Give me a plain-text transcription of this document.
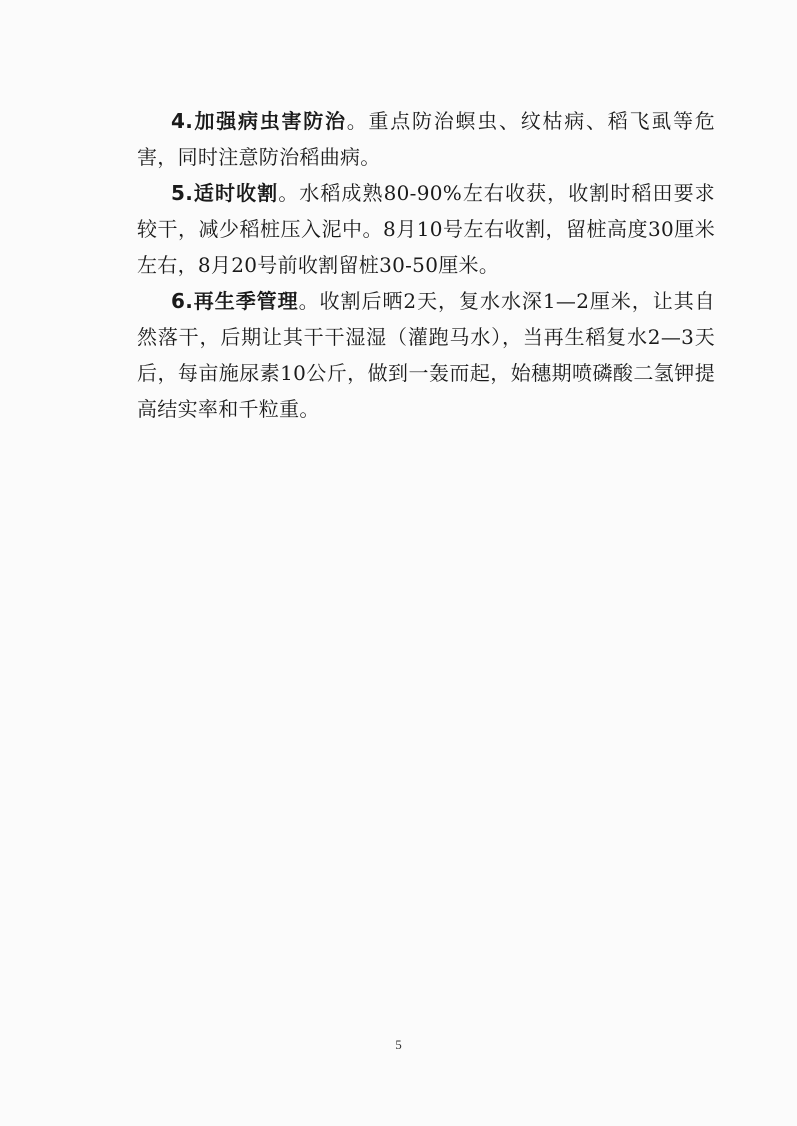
4.加强病虫害防治。重点防治螟虫、纹枯病、稻飞虱等危害，同时注意防治稻曲病。

5.适时收割。水稻成熟80-90%左右收获，收割时稻田要求较干，减少稻桩压入泥中。8月10号左右收割，留桩高度30厘米左右，8月20号前收割留桩30-50厘米。

6.再生季管理。收割后晒2天，复水水深1—2厘米，让其自然落干，后期让其干干湿湿（灌跑马水），当再生稻复水2—3天后，每亩施尿素10公斤，做到一轰而起，始穗期喷磷酸二氢钾提高结实率和千粒重。

5
